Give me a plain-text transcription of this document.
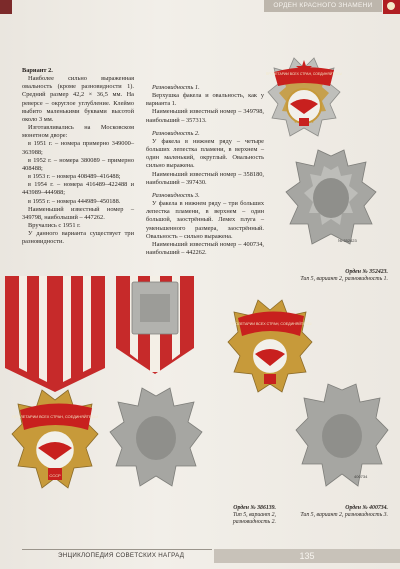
ОРДЕН КРАСНОГО ЗНАМЕНИ

Вариант 2.

Наиболее сильно выраженная овальность (кроме разновидности 1). Средний размер 42,2 × 36,5 мм. На реверсе – округлое углубление. Клеймо выбито маленькими буквами высотой около 3 мм.

Изготавливались на Московском монетном дворе:

в 1951 г. – номера примерно 349000–363988;

в 1952 г. – номера 380089 – примерно 408488;

в 1953 г. – номера 408489–416488;

в 1954 г. – номера 416489–422488 и 443989–444988;

в 1955 г. – номера 444989–450188.

Наименьший известный номер – 349798, наибольший – 447262.

Вручались с 1951 г.

У данного варианта существует три разновидности.

Разновидность 1.

Верхушка факела и овальность, как у варианта 1.

Наименьший известный номер – 349798, наибольший – 357313.

Разновидность 2.

У факела в нижнем ряду – четыре больших лепестка пламени, в верхнем – один маленький, округлый. Овальность сильно выражена.

Наименьший известный номер – 358180, наибольший – 397430.

Разновидность 3.

У факела в нижнем ряду – три больших лепестка пламени, в верхнем – один большой, заострённый. Лемех плуга – уменьшенного размера, заострённый. Овальность – сильно выражена.

Наименьший известный номер – 400734, наибольший – 442262.

ПРОЛЕТАРИИ ВСЕХ СТРАН, СОЕДИНЯЙТЕСЬ!
№ 352423
ПРОЛЕТАРИИ ВСЕХ СТРАН, СОЕДИНЯЙТЕСЬ!
СССР
ПРОЛЕТАРИИ ВСЕХ СТРАН, СОЕДИНЯЙТЕСЬ!
400734
Орден № 352423.
Тип 5, вариант 2, разновидность 1.
Орден № 386139.
Тип 5, вариант 2,
разновидность 2.
Орден № 400734.
Тип 5, вариант 2, разновидность 3.
ЭНЦИКЛОПЕДИЯ СОВЕТСКИХ НАГРАД	135
